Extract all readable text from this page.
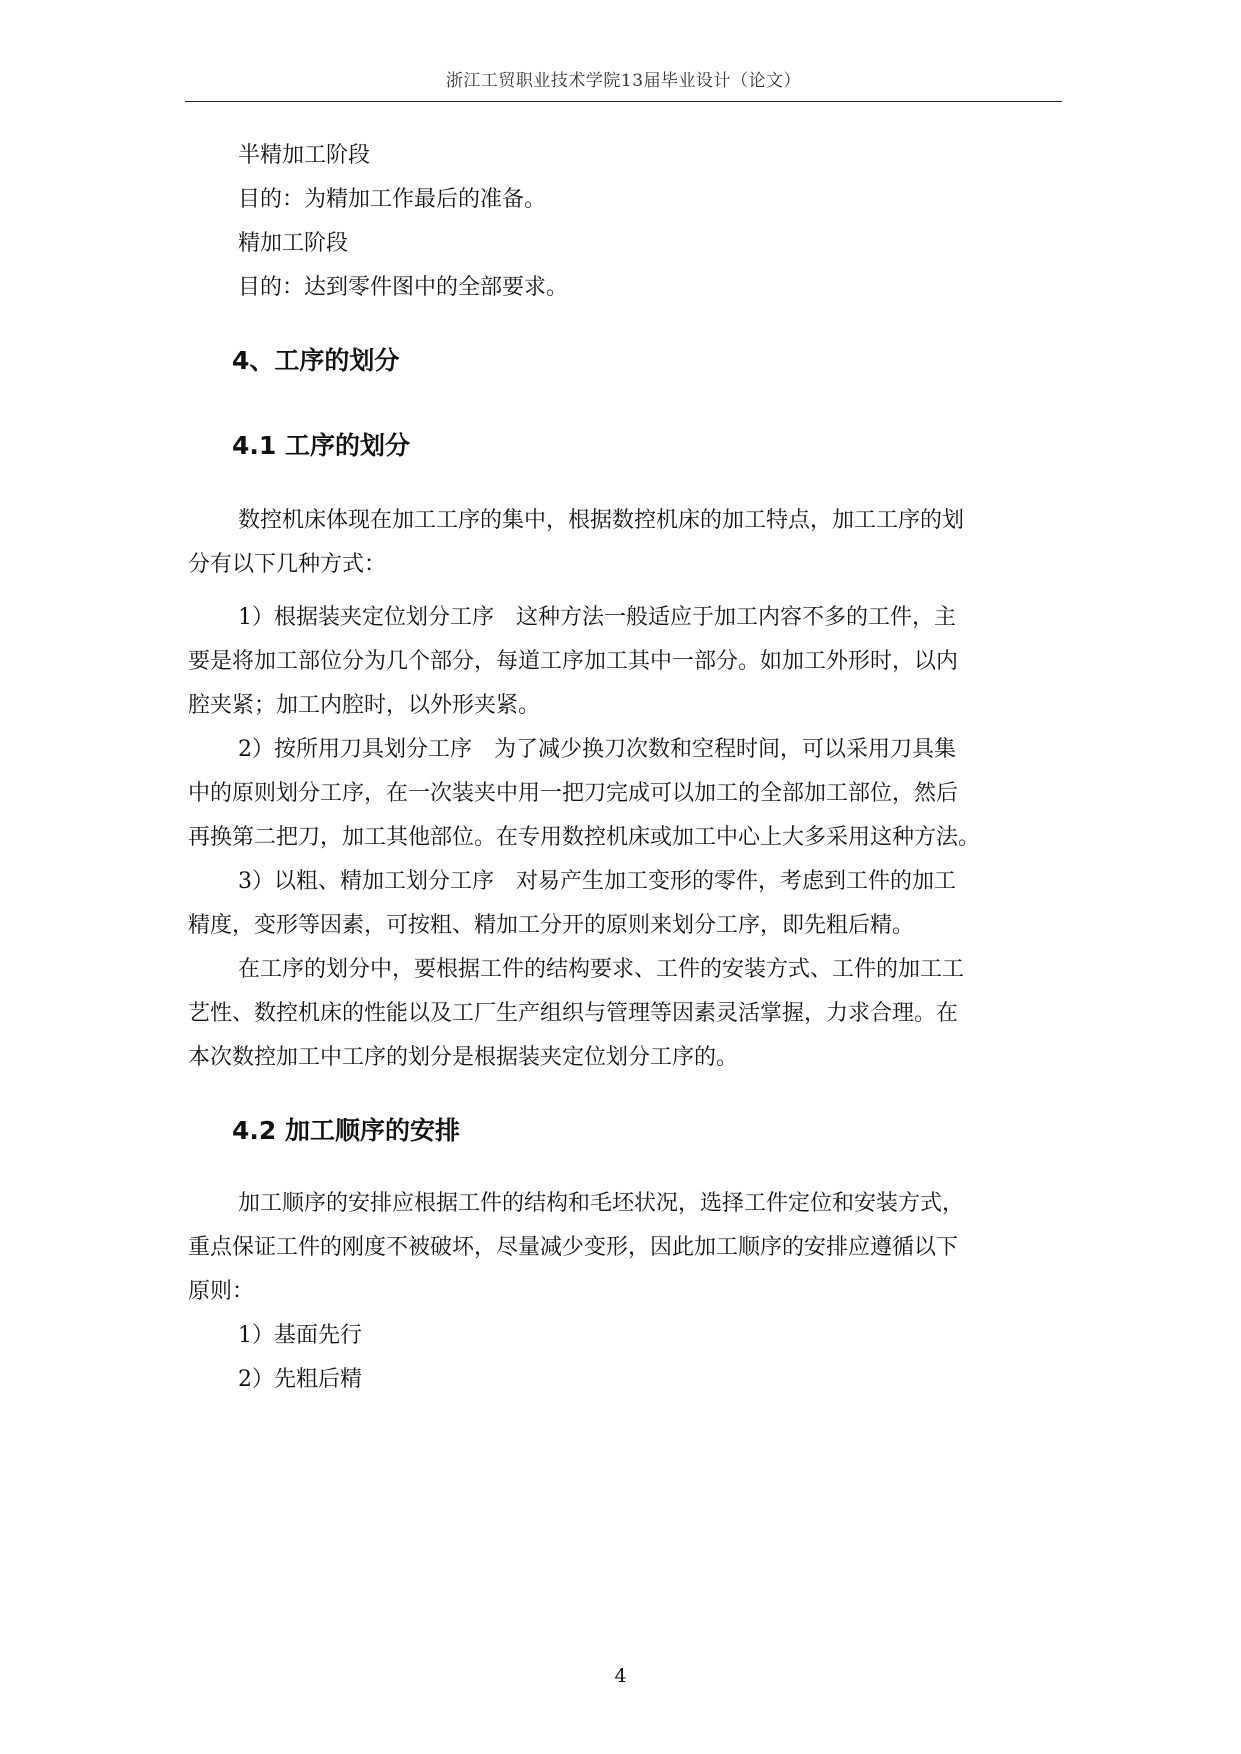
浙江工贸职业技术学院13届毕业设计（论文）
半精加工阶段
目的：为精加工作最后的准备。
精加工阶段
目的：达到零件图中的全部要求。
4、工序的划分
4.1 工序的划分
数控机床体现在加工工序的集中，根据数控机床的加工特点，加工工序的划
分有以下几种方式：
1）根据装夹定位划分工序　这种方法一般适应于加工内容不多的工件，主
要是将加工部位分为几个部分，每道工序加工其中一部分。如加工外形时，以内
腔夹紧；加工内腔时，以外形夹紧。
2）按所用刀具划分工序　为了减少换刀次数和空程时间，可以采用刀具集
中的原则划分工序，在一次装夹中用一把刀完成可以加工的全部加工部位，然后
再换第二把刀，加工其他部位。在专用数控机床或加工中心上大多采用这种方法。
3）以粗、精加工划分工序　对易产生加工变形的零件，考虑到工件的加工
精度，变形等因素，可按粗、精加工分开的原则来划分工序，即先粗后精。
在工序的划分中，要根据工件的结构要求、工件的安装方式、工件的加工工
艺性、数控机床的性能以及工厂生产组织与管理等因素灵活掌握，力求合理。在
本次数控加工中工序的划分是根据装夹定位划分工序的。
4.2 加工顺序的安排
加工顺序的安排应根据工件的结构和毛坯状况，选择工件定位和安装方式，
重点保证工件的刚度不被破坏，尽量减少变形，因此加工顺序的安排应遵循以下
原则：
1）基面先行
2）先粗后精
4
